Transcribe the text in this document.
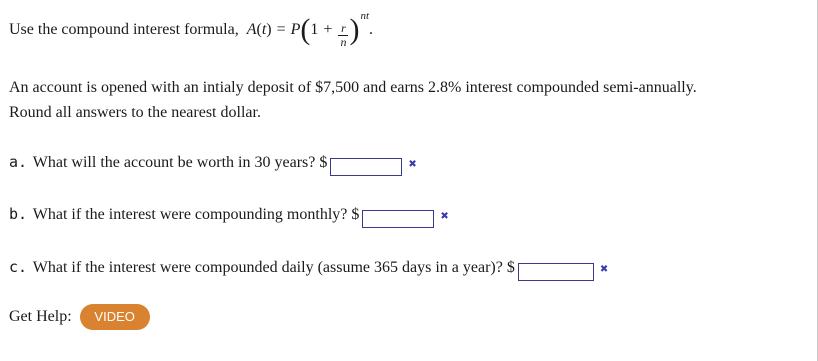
Use the compound interest formula, $A(t) = P(1 + \frac{r}{n} )^{nt}$.
An account is opened with an intialy deposit of $7,500 and earns 2.8% interest compounded semi-annually.
Round all answers to the nearest dollar.
a. What will the account be worth in 30 years? $	✖
b. What if the interest were compounding monthly? $	✖
c. What if the interest were compounded daily (assume 365 days in a year)? $	✖
Get Help: VIDEO
